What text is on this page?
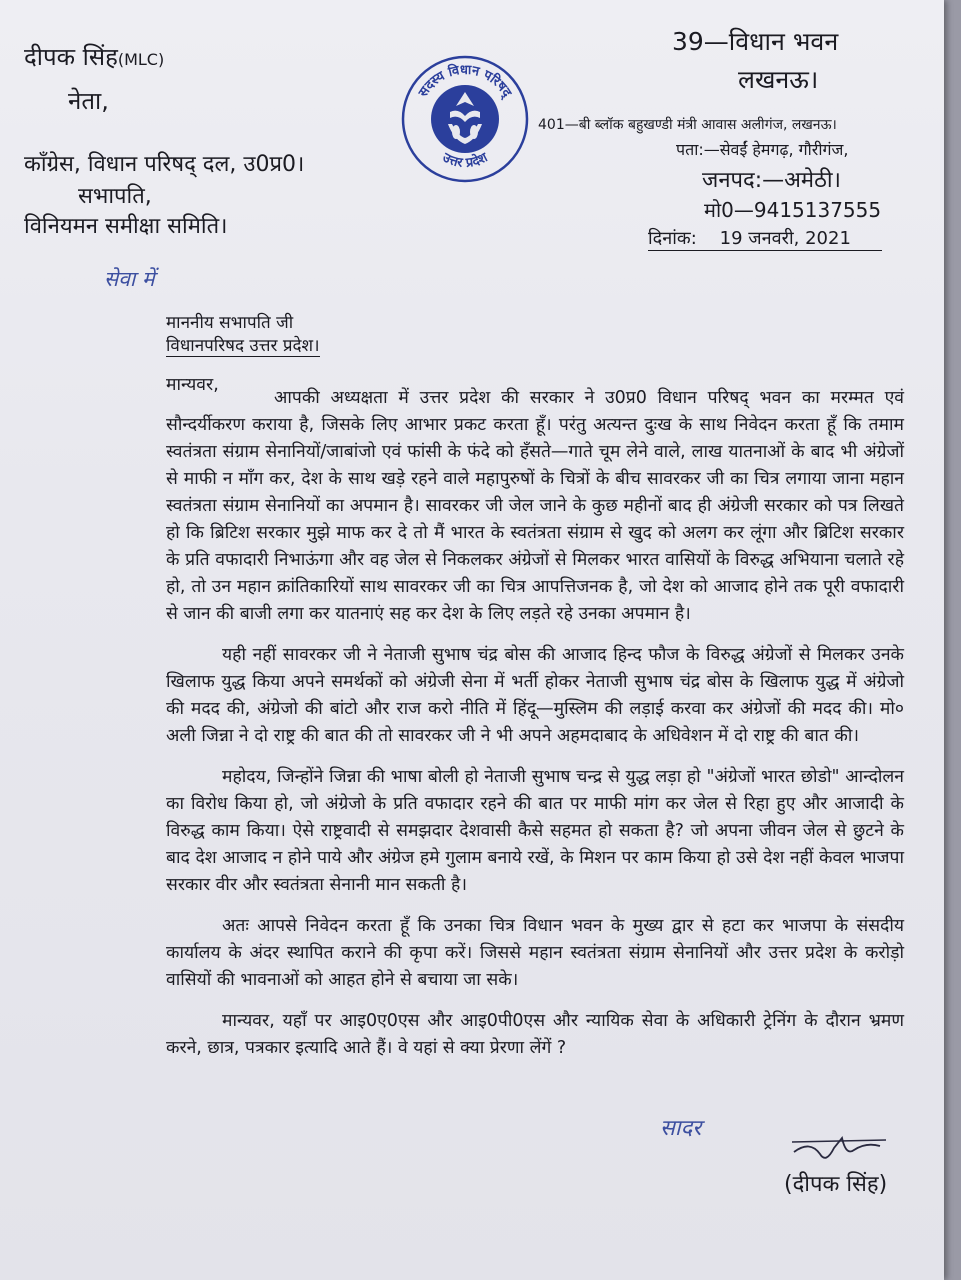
दीपक सिंह(MLC)
नेता,
कॉंग्रेस, विधान परिषद् दल, उ0प्र0।
सभापति,
विनियमन समीक्षा समिति।
सदस्य विधान परिषद्
उत्तर प्रदेश
39—विधान भवन
लखनऊ।
401—बी ब्लॉक बहुखण्डी मंत्री आवास अलीगंज, लखनऊ।
पता:—सेवईं हेमगढ़, गौरीगंज,
जनपद:—अमेठी।
मो0—9415137555
दिनांक: 19 जनवरी, 2021
सेवा में
माननीय सभापति जी
विधानपरिषद उत्तर प्रदेश।
मान्यवर,

आपकी अध्यक्षता में उत्तर प्रदेश की सरकार ने उ0प्र0 विधान परिषद् भवन का मरम्मत एवं सौन्दर्यीकरण कराया है, जिसके लिए आभार प्रकट करता हूँ। परंतु अत्यन्त दुःख के साथ निवेदन करता हूँ कि तमाम स्वतंत्रता संग्राम सेनानियों/जाबांजो एवं फांसी के फंदे को हँसते—गाते चूम लेने वाले, लाख यातनाओं के बाद भी अंग्रेजों से माफी न माँग कर, देश के साथ खड़े रहने वाले महापुरुषों के चित्रों के बीच सावरकर जी का चित्र लगाया जाना महान स्वतंत्रता संग्राम सेनानियों का अपमान है। सावरकर जी जेल जाने के कुछ महीनों बाद ही अंग्रेजी सरकार को पत्र लिखते हो कि ब्रिटिश सरकार मुझे माफ कर दे तो मैं भारत के स्वतंत्रता संग्राम से खुद को अलग कर लूंगा और ब्रिटिश सरकार के प्रति वफादारी निभाऊंगा और वह जेल से निकलकर अंग्रेजों से मिलकर भारत वासियों के विरुद्ध अभियाना चलाते रहे हो, तो उन महान क्रांतिकारियों साथ सावरकर जी का चित्र आपत्तिजनक है, जो देश को आजाद होने तक पूरी वफादारी से जान की बाजी लगा कर यातनाएं सह कर देश के लिए लड़ते रहे उनका अपमान है।

यही नहीं सावरकर जी ने नेताजी सुभाष चंद्र बोस की आजाद हिन्द फौज के विरुद्ध अंग्रेजों से मिलकर उनके खिलाफ युद्ध किया अपने समर्थकों को अंग्रेजी सेना में भर्ती होकर नेताजी सुभाष चंद्र बोस के खिलाफ युद्ध में अंग्रेजो की मदद की, अंग्रेजो की बांटो और राज करो नीति में हिंदू—मुस्लिम की लड़ाई करवा कर अंग्रेजों की मदद की। मो० अली जिन्ना ने दो राष्ट्र की बात की तो सावरकर जी ने भी अपने अहमदाबाद के अधिवेशन में दो राष्ट्र की बात की।

महोदय, जिन्होंने जिन्ना की भाषा बोली हो नेताजी सुभाष चन्द्र से युद्ध लड़ा हो "अंग्रेजों भारत छोडो" आन्दोलन का विरोध किया हो, जो अंग्रेजो के प्रति वफादार रहने की बात पर माफी मांग कर जेल से रिहा हुए और आजादी के विरुद्ध काम किया। ऐसे राष्ट्रवादी से समझदार देशवासी कैसे सहमत हो सकता है? जो अपना जीवन जेल से छुटने के बाद देश आजाद न होने पाये और अंग्रेज हमे गुलाम बनाये रखें, के मिशन पर काम किया हो उसे देश नहीं केवल भाजपा सरकार वीर और स्वतंत्रता सेनानी मान सकती है।

अतः आपसे निवेदन करता हूँ कि उनका चित्र विधान भवन के मुख्य द्वार से हटा कर भाजपा के संसदीय कार्यालय के अंदर स्थापित कराने की कृपा करें। जिससे महान स्वतंत्रता संग्राम सेनानियों और उत्तर प्रदेश के करोड़ो वासियों की भावनाओं को आहत होने से बचाया जा सके।

मान्यवर, यहाँ पर आइ0ए0एस और आइ0पी0एस और न्यायिक सेवा के अधिकारी ट्रेनिंग के दौरान भ्रमण करने, छात्र, पत्रकार इत्यादि आते हैं। वे यहां से क्या प्रेरणा लेंगें ?

सादर
दीपक
(दीपक सिंह)
